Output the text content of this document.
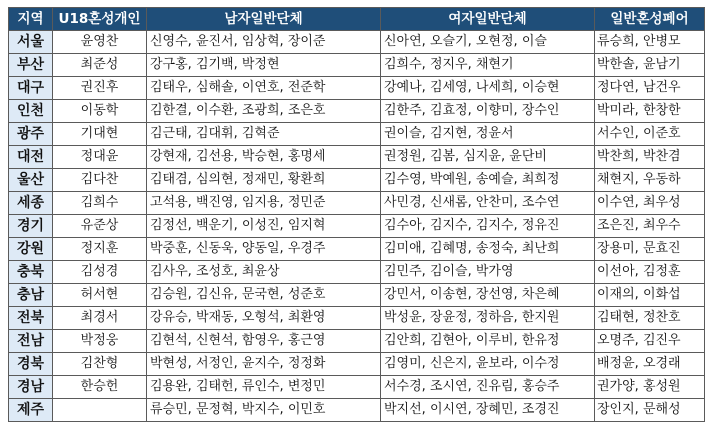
지역	U18혼성개인	남자일반단체	여자일반단체	일반혼성페어
서울	윤영찬	신영수, 윤진서, 임상혁, 장이준	신아연, 오슬기, 오현정, 이슬	류승희, 안병모
부산	최준성	강구홍, 김기백, 박정현	김희수, 정지우, 채현기	박한솔, 윤남기
대구	권진후	김태우, 심해솔, 이연호, 전준학	강예나, 김세영, 나세희, 이승현	정다연, 남건우
인천	이동학	김한결, 이수환, 조광희, 조은호	김한주, 김효정, 이향미, 장수인	박미라, 한창한
광주	기대현	김근태, 김대휘, 김혁준	권이슬, 김지현, 정윤서	서수인, 이준호
대전	정대윤	강현재, 김선용, 박승현, 홍명세	권정원, 김봄, 심지윤, 윤단비	박찬희, 박찬겸
울산	김다찬	김태겸, 심의현, 정재민, 황환희	김수영, 박예원, 송예슬, 최희정	채현지, 우동하
세종	김희수	고석용, 백진영, 임지용, 정민준	사민경, 신새롬, 안찬미, 조수연	이수연, 최우성
경기	유준상	김정선, 백운기, 이성진, 임지혁	김수아, 김지수, 김지수, 정유진	조은진, 최우수
강원	정지훈	박중훈, 신동욱, 양동일, 우경주	김미애, 김혜명, 송정숙, 최난희	장용미, 문효진
충북	김성경	김사우, 조성호, 최윤상	김민주, 김이슬, 박가영	이선아, 김정훈
충남	허서현	김승원, 김신유, 문국현, 성준호	강민서, 이송현, 장선영, 차은혜	이재의, 이화섭
전북	최경서	강유승, 박재동, 오형석, 최환영	박성윤, 장윤정, 정하음, 한지원	김태현, 정찬호
전남	박정웅	김현석, 신현석, 함영우, 홍근영	김안희, 김현아, 이루비, 한유정	오명주, 김진우
경북	김찬형	박현성, 서정인, 윤지수, 정정화	김영미, 신은지, 윤보라, 이수정	배정윤, 오경래
경남	한승헌	김용완, 김태헌, 류인수, 변정민	서수경, 조시연, 진유림, 홍승주	권가양, 홍성원
제주		류승민, 문정혁, 박지수, 이민호	박지선, 이시연, 장혜민, 조경진	장인지, 문해성
